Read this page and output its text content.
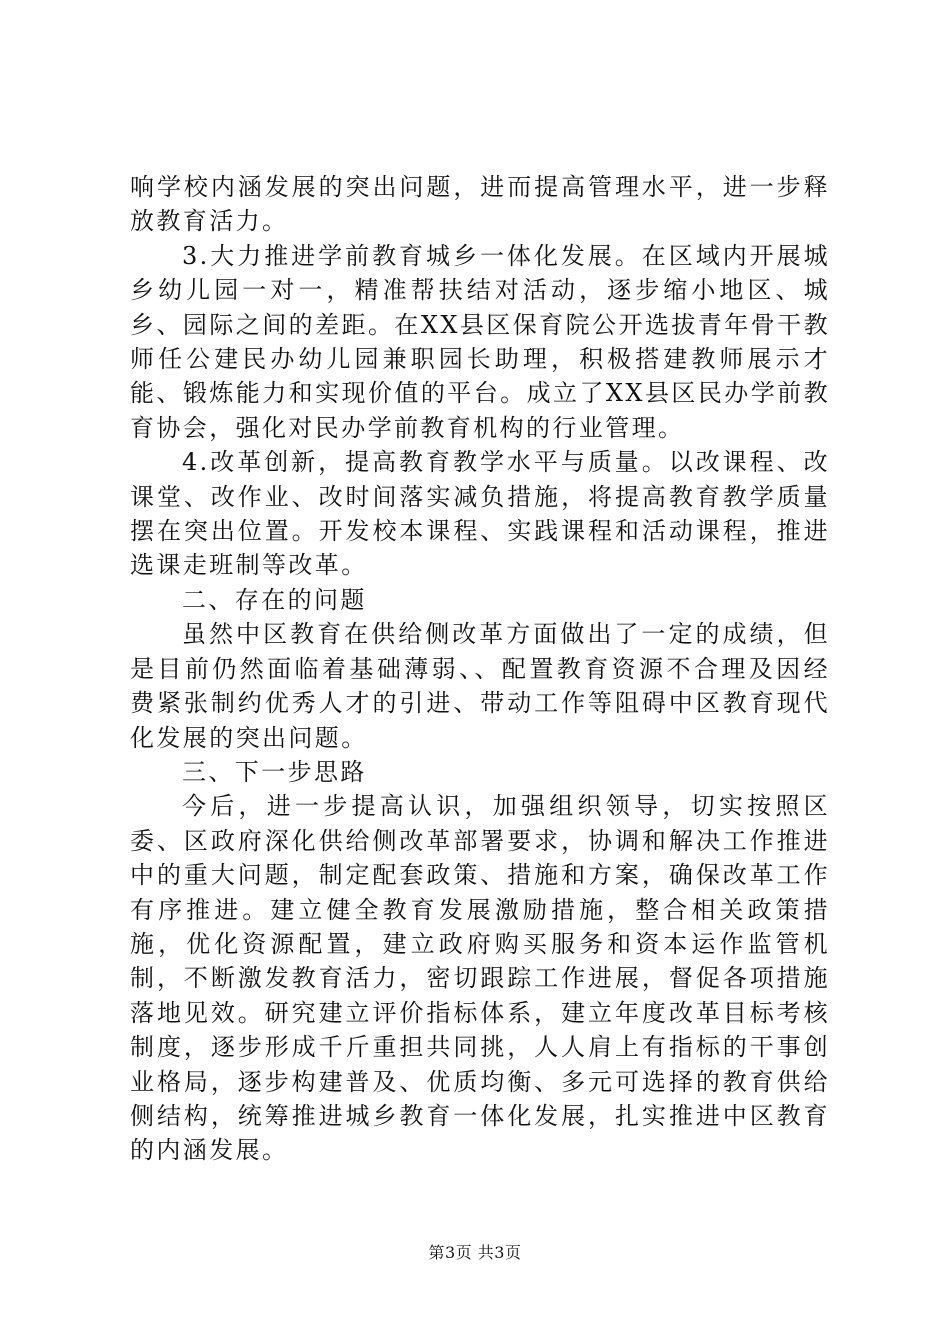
响学校内涵发展的突出问题，进而提高管理水平，进一步释放教育活力。

3.大力推进学前教育城乡一体化发展。在区域内开展城乡幼儿园一对一，精准帮扶结对活动，逐步缩小地区、城乡、园际之间的差距。在XX县区保育院公开选拔青年骨干教师任公建民办幼儿园兼职园长助理，积极搭建教师展示才能、锻炼能力和实现价值的平台。成立了XX县区民办学前教育协会，强化对民办学前教育机构的行业管理。

4.改革创新，提高教育教学水平与质量。以改课程、改课堂、改作业、改时间落实减负措施，将提高教育教学质量摆在突出位置。开发校本课程、实践课程和活动课程，推进选课走班制等改革。

二、存在的问题

虽然中区教育在供给侧改革方面做出了一定的成绩，但是目前仍然面临着基础薄弱、、配置教育资源不合理及因经费紧张制约优秀人才的引进、带动工作等阻碍中区教育现代化发展的突出问题。

三、下一步思路

今后，进一步提高认识，加强组织领导，切实按照区委、区政府深化供给侧改革部署要求，协调和解决工作推进中的重大问题，制定配套政策、措施和方案，确保改革工作有序推进。建立健全教育发展激励措施，整合相关政策措施，优化资源配置，建立政府购买服务和资本运作监管机制，不断激发教育活力，密切跟踪工作进展，督促各项措施落地见效。研究建立评价指标体系，建立年度改革目标考核制度，逐步形成千斤重担共同挑，人人肩上有指标的干事创业格局，逐步构建普及、优质均衡、多元可选择的教育供给侧结构，统筹推进城乡教育一体化发展，扎实推进中区教育的内涵发展。

第3页 共3页
